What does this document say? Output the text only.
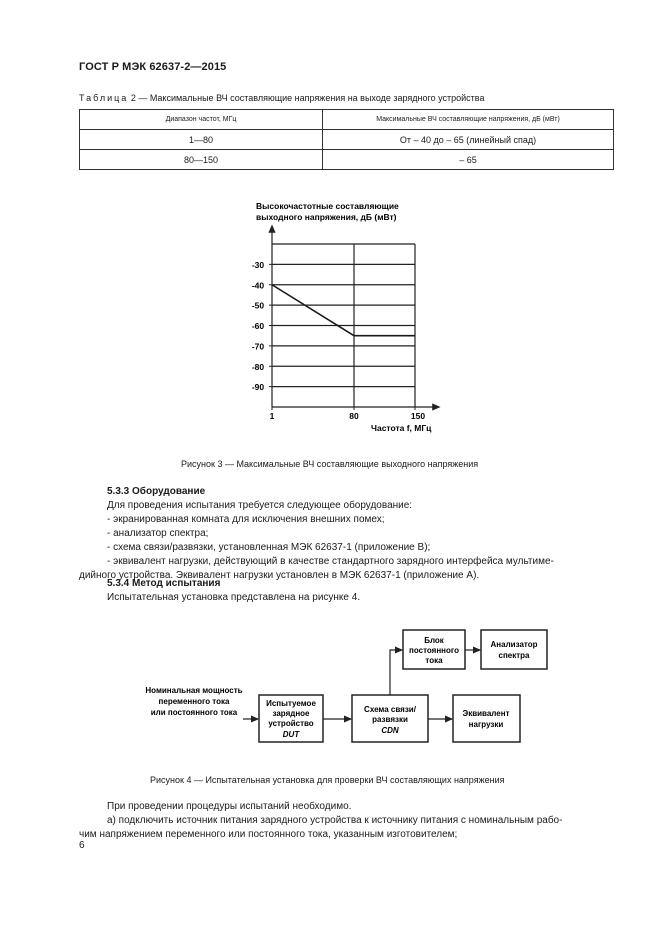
ГОСТ Р МЭК 62637-2—2015
Таблица 2 — Максимальные ВЧ составляющие напряжения на выходе зарядного устройства
Диапазон частот, МГц	Максимальные ВЧ составляющие напряжения, дБ (мВт)
1—80	От – 40 до – 65 (линейный спад)
80—150	– 65
Высокочастотные составляющие
выходного напряжения, дБ (мВт)
-30
-40
-50
-60
-70
-80
-90
1	80	150
Частота f, МГц
Рисунок 3 — Максимальные ВЧ составляющие выходного напряжения
5.3.3 Оборудование
Для проведения испытания требуется следующее оборудование:
- экранированная комната для исключения внешних помех;
- анализатор спектра;
- схема связи/развязки, установленная МЭК 62637-1 (приложение В);
- эквивалент нагрузки, действующий в качестве стандартного зарядного интерфейса мультиме-
дийного устройства. Эквивалент нагрузки установлен в МЭК 62637-1 (приложение А).
5.3.4 Метод испытания
Испытательная установка представлена на рисунке 4.
Номинальная мощность
переменного тока
или постоянного тока
Испытуемое
зарядное
устройство
DUT
Схема связи/
развязки
CDN
Эквивалент
нагрузки
Блок
постоянного
тока
Анализатор
спектра
Рисунок 4 — Испытательная установка для проверки ВЧ составляющих напряжения
При проведении процедуры испытаний необходимо.
а) подключить источник питания зарядного устройства к источнику питания с номинальным рабо-
чим напряжением переменного или постоянного тока, указанным изготовителем;
6
